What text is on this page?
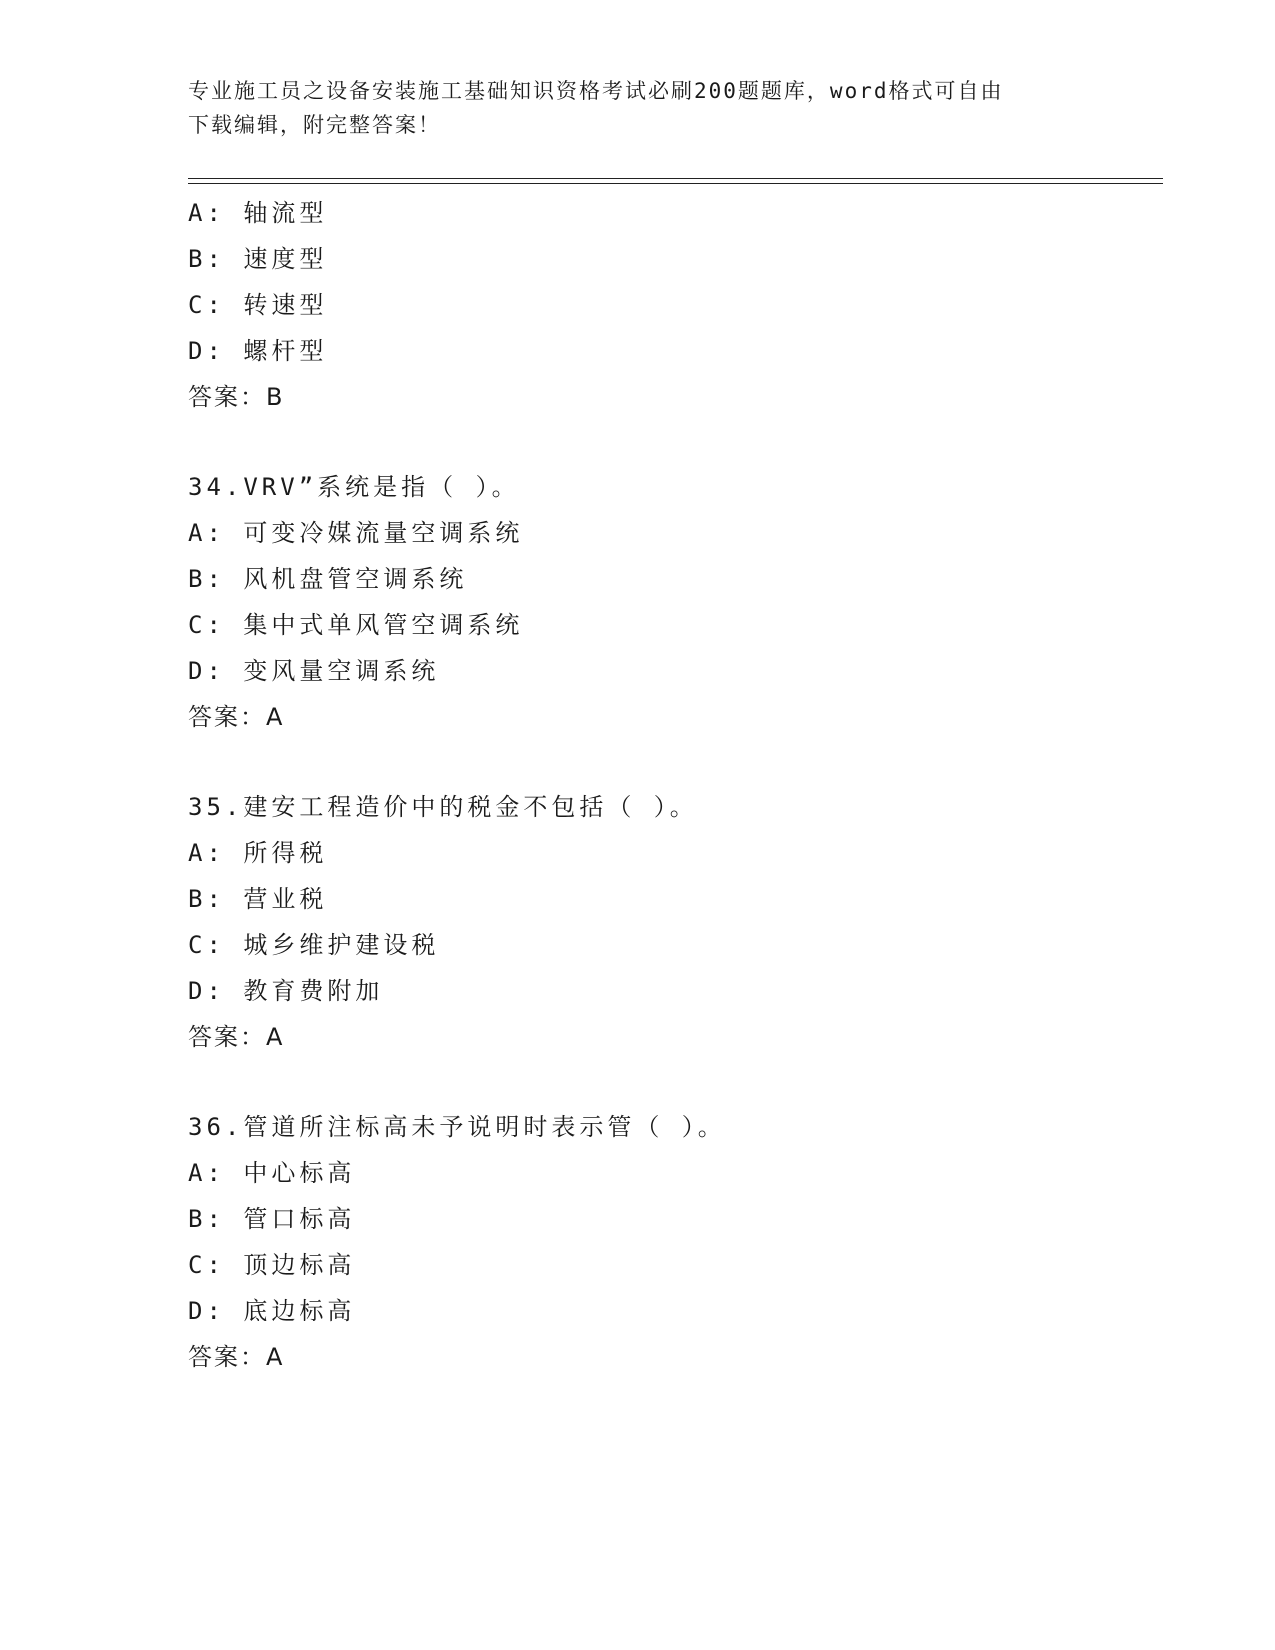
专业施工员之设备安装施工基础知识资格考试必刷200题题库，word格式可自由
下载编辑，附完整答案！
A: 轴流型
B: 速度型
C: 转速型
D: 螺杆型
答案：B
34.VRV”系统是指（ ）。
A: 可变冷媒流量空调系统
B: 风机盘管空调系统
C: 集中式单风管空调系统
D: 变风量空调系统
答案：A
35.建安工程造价中的税金不包括（ ）。
A: 所得税
B: 营业税
C: 城乡维护建设税
D: 教育费附加
答案：A
36.管道所注标高未予说明时表示管（ ）。
A: 中心标高
B: 管口标高
C: 顶边标高
D: 底边标高
答案：A
